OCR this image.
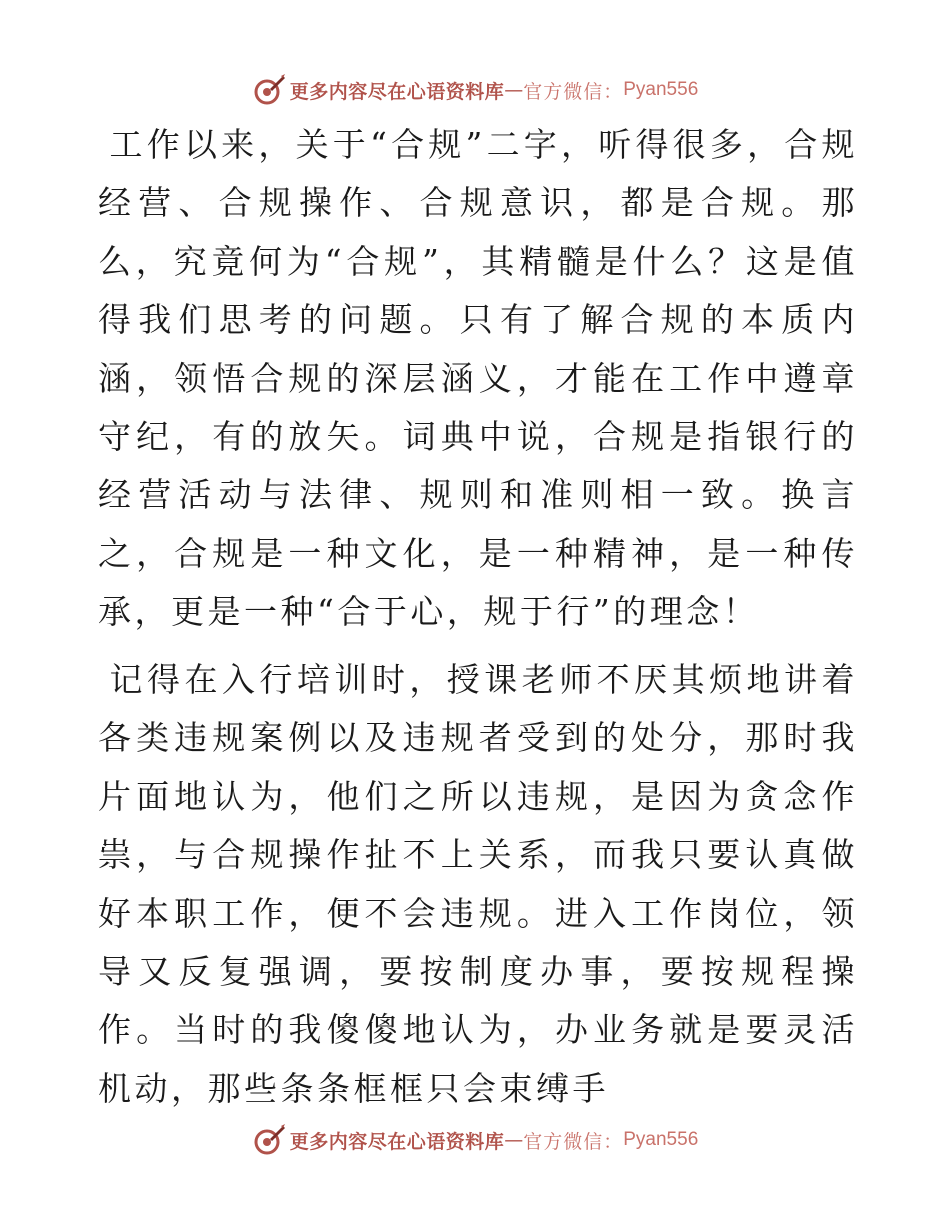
更多内容尽在心语资料库 — 官方微信： Pyan556

工作以来，关于“合规”二字，听得很多，合规经营、合规操作、合规意识，都是合规。那么，究竟何为“合规”，其精髓是什么？这是值得我们思考的问题。只有了解合规的本质内涵，领悟合规的深层涵义，才能在工作中遵章守纪，有的放矢。词典中说，合规是指银行的经营活动与法律、规则和准则相一致。换言之，合规是一种文化，是一种精神，是一种传承，更是一种“合于心，规于行”的理念！

记得在入行培训时，授课老师不厌其烦地讲着各类违规案例以及违规者受到的处分，那时我片面地认为，他们之所以违规，是因为贪念作祟，与合规操作扯不上关系，而我只要认真做好本职工作，便不会违规。进入工作岗位，领导又反复强调，要按制度办事，要按规程操作。当时的我傻傻地认为，办业务就是要灵活机动，那些条条框框只会束缚手

更多内容尽在心语资料库 — 官方微信： Pyan556
